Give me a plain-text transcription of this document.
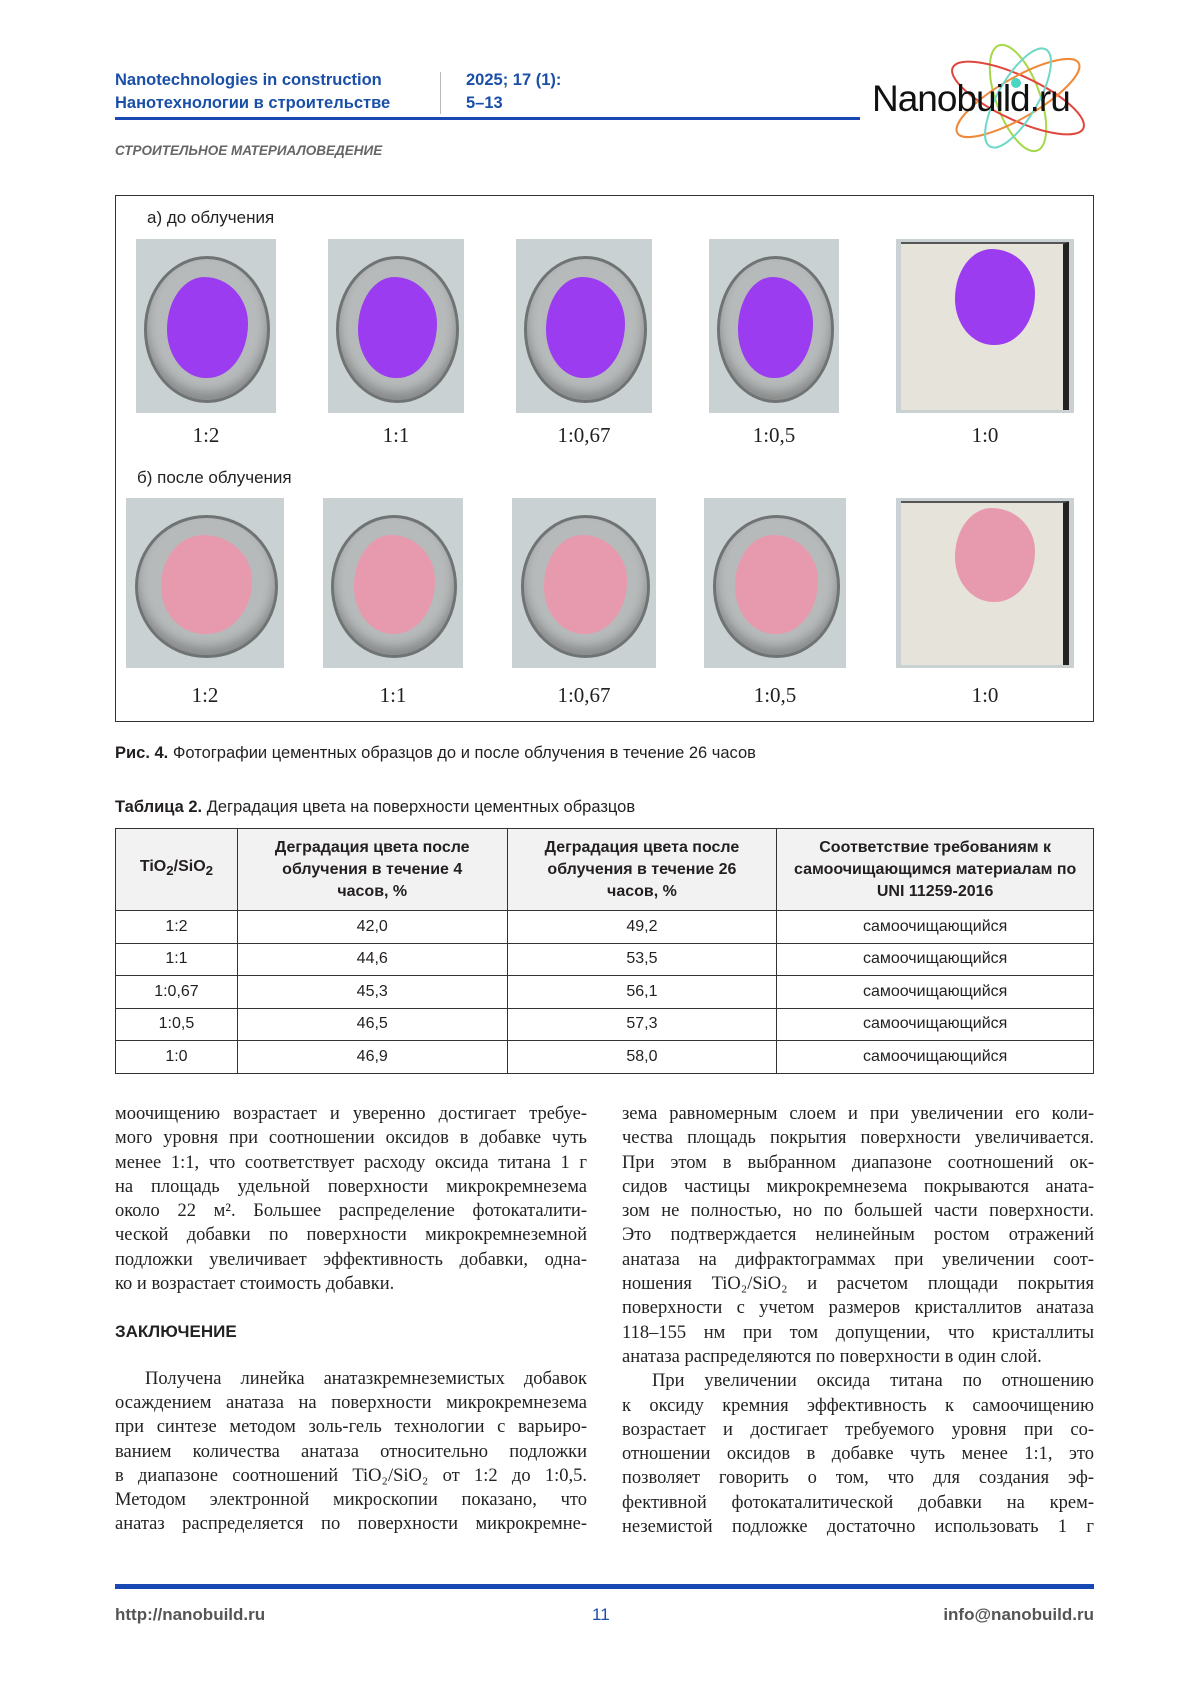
Nanotechnologies in construction
Нанотехнологии в строительстве
2025; 17 (1):
5–13	Nanobuild.ru
СТРОИТЕЛЬНОЕ МАТЕРИАЛОВЕДЕНИЕ
а) до облучения
б) после облучения
1:2	1:1	1:0,67	1:0,5	1:0
1:2	1:1	1:0,67	1:0,5	1:0
Рис. 4. Фотографии цементных образцов до и после облучения в течение 26 часов
Таблица 2. Деградация цвета на поверхности цементных образцов
TiO$_2$/SiO$_2$	Деградация цвета после облучения в течение 4 часов, %	Деградация цвета после облучения в течение 26 часов, %	Соответствие требованиям к самоочищающимся материалам по UNI 11259-2016
1:2	42,0	49,2	самоочищающийся
1:1	44,6	53,5	самоочищающийся
1:0,67	45,3	56,1	самоочищающийся
1:0,5	46,5	57,3	самоочищающийся
1:0	46,9	58,0	самоочищающийся
моочищению возрастает и уверенно достигает требуе-
мого уровня при соотношении оксидов в добавке чуть
менее 1:1, что соответствует расходу оксида титана 1 г
на площадь удельной поверхности микрокремнезема
около 22 м². Большее распределение фотокаталити-
ческой добавки по поверхности микрокремнеземной
подложки увеличивает эффективность добавки, одна-
ко и возрастает стоимость добавки.
ЗАКЛЮЧЕНИЕ
Получена линейка анатазкремнеземистых добавок
осаждением анатаза на поверхности микрокремнезема
при синтезе методом золь-гель технологии с варьиро-
ванием количества анатаза относительно подложки
в диапазоне соотношений TiO₂/SiO₂ от 1:2 до 1:0,5.
Методом электронной микроскопии показано, что
анатаз распределяется по поверхности микрокремне-
зема равномерным слоем и при увеличении его коли-
чества площадь покрытия поверхности увеличивается.
При этом в выбранном диапазоне соотношений ок-
сидов частицы микрокремнезема покрываются аната-
зом не полностью, но по большей части поверхности.
Это подтверждается нелинейным ростом отражений
анатаза на дифрактограммах при увеличении соот-
ношения TiO₂/SiO₂ и расчетом площади покрытия
поверхности с учетом размеров кристаллитов анатаза
118–155 нм при том допущении, что кристаллиты
анатаза распределяются по поверхности в один слой.
При увеличении оксида титана по отношению
к оксиду кремния эффективность к самоочищению
возрастает и достигает требуемого уровня при со-
отношении оксидов в добавке чуть менее 1:1, это
позволяет говорить о том, что для создания эф-
фективной фотокаталитической добавки на крем-
неземистой подложке достаточно использовать 1 г
http://nanobuild.ru	11	info@nanobuild.ru
